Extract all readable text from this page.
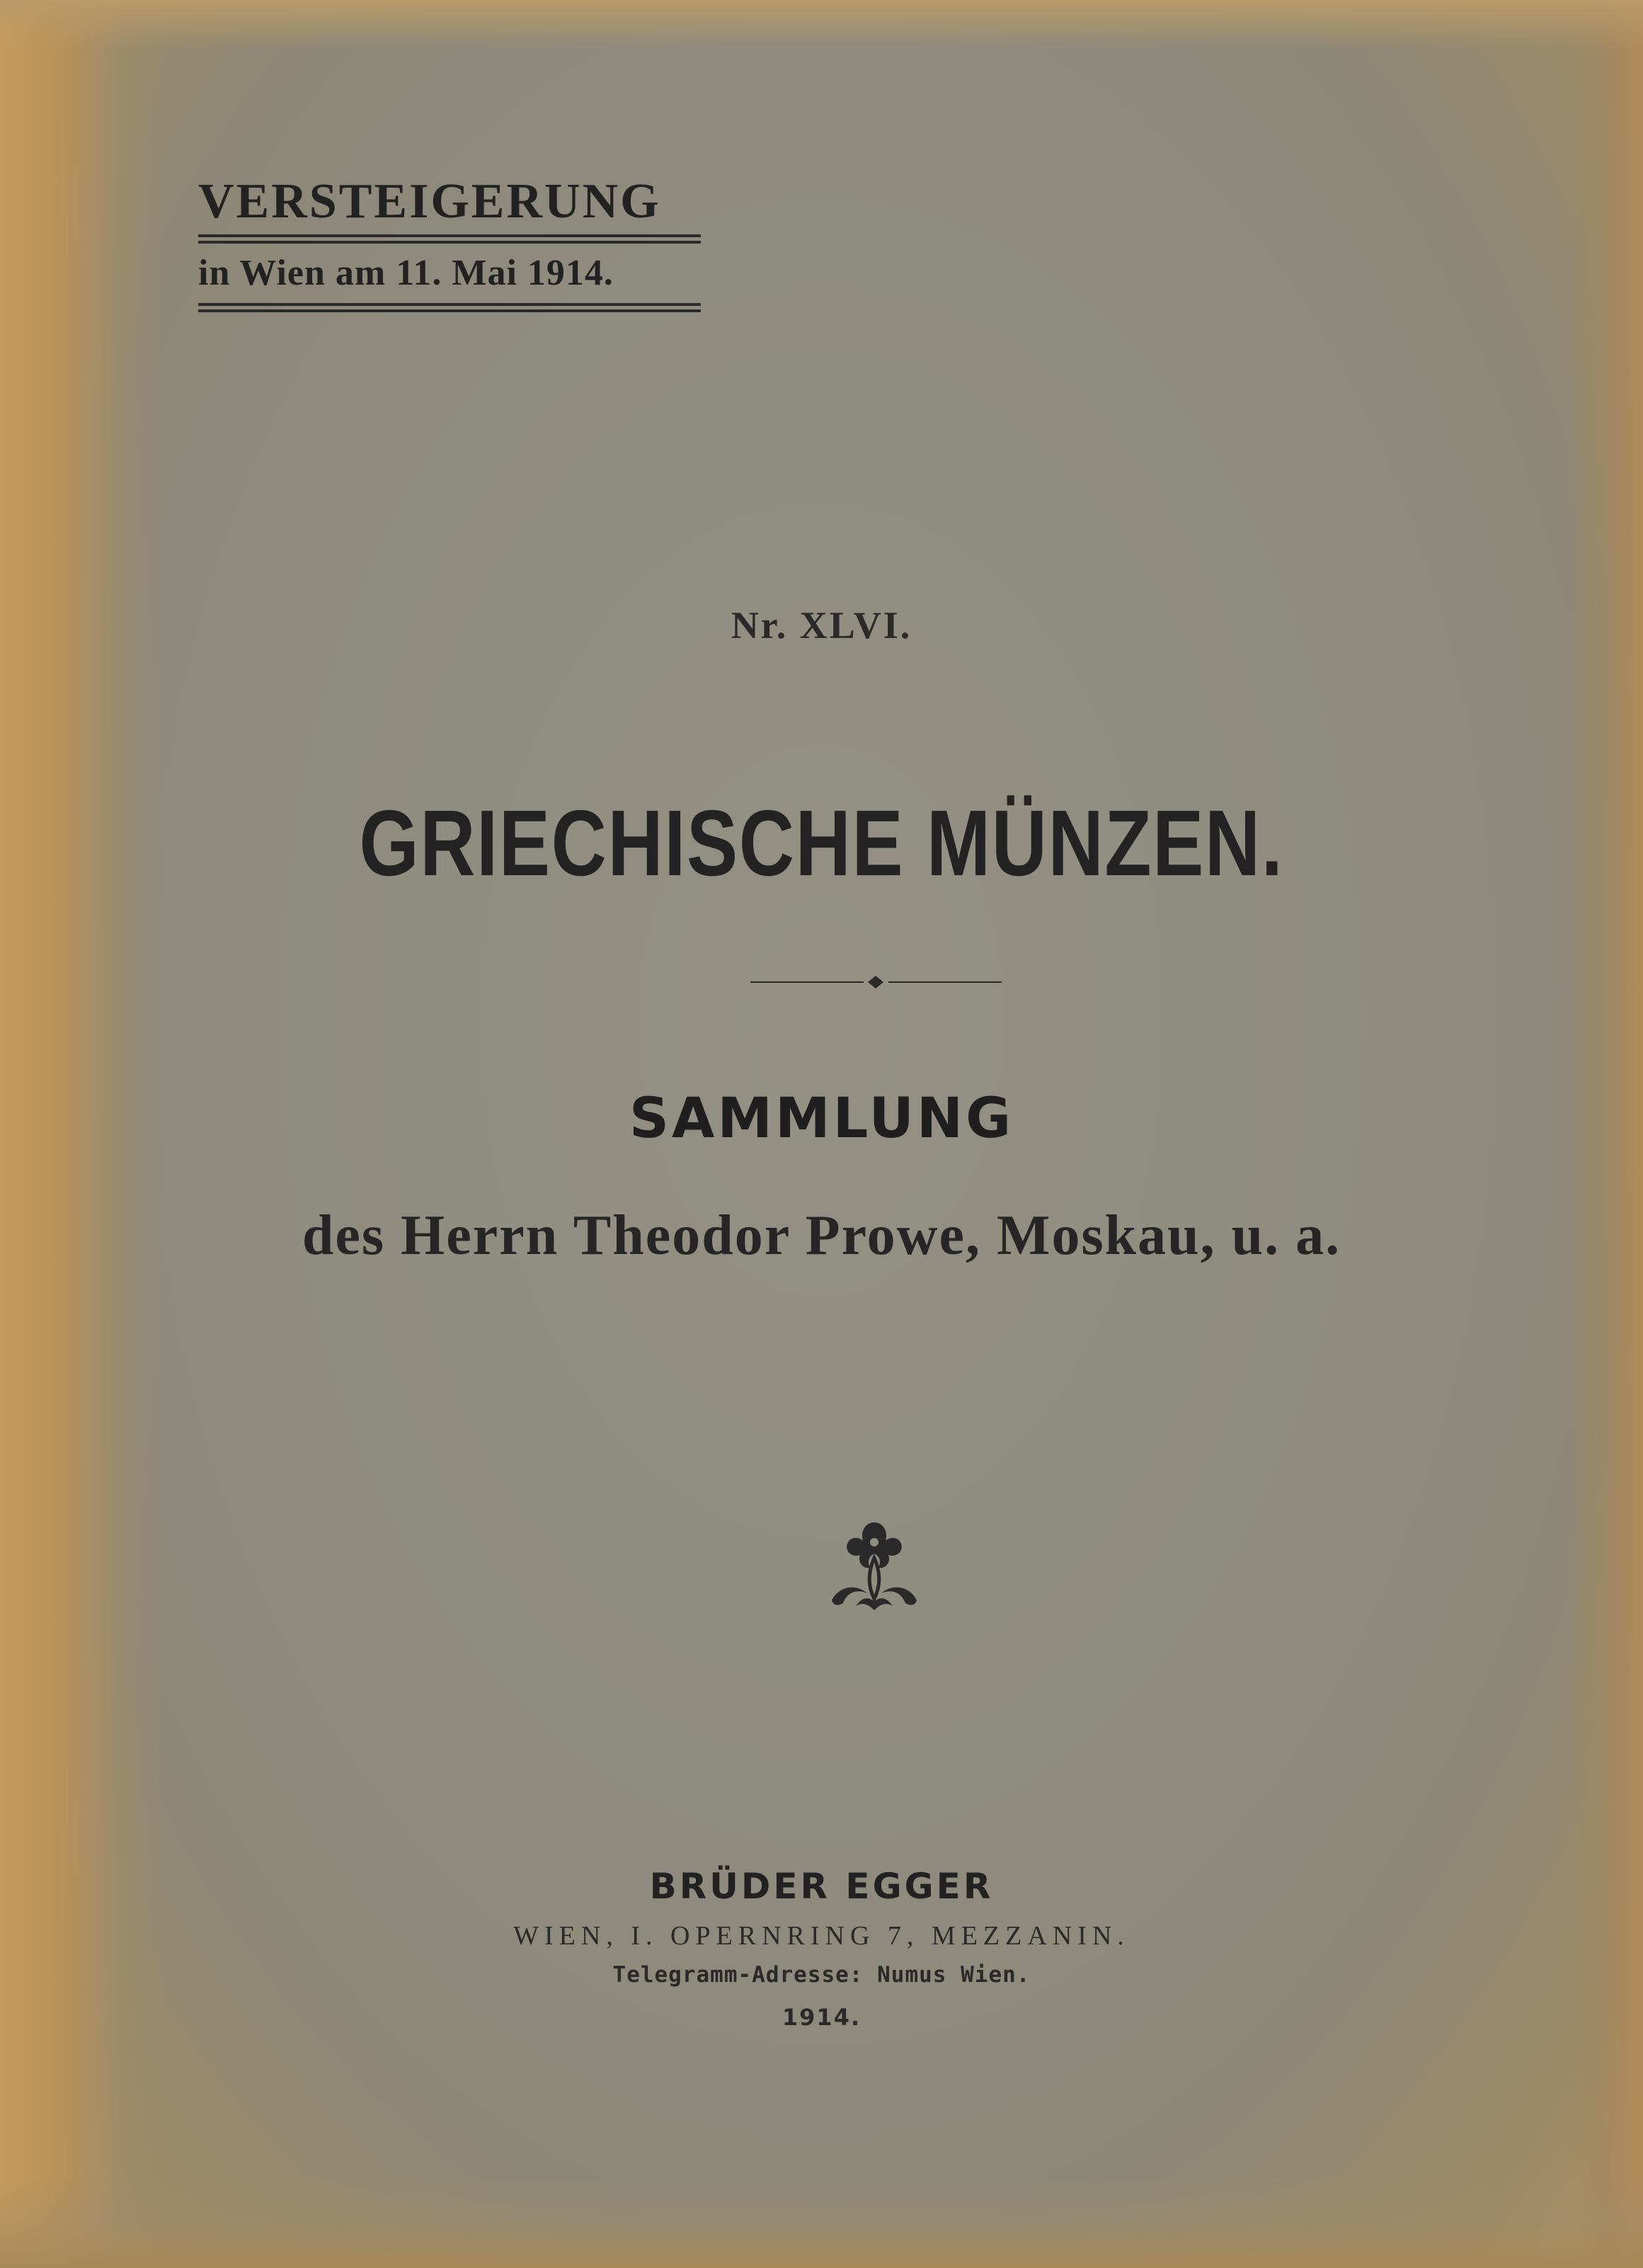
VERSTEIGERUNG

in Wien am 11. Mai 1914.

Nr. XLVI.
GRIECHISCHE MÜNZEN.
SAMMLUNG
des Herrn Theodor Prowe, Moskau, u. a.
BRÜDER EGGER
WIEN, I. OPERNRING 7, MEZZANIN.
Telegramm-Adresse: Numus Wien.
1914.
